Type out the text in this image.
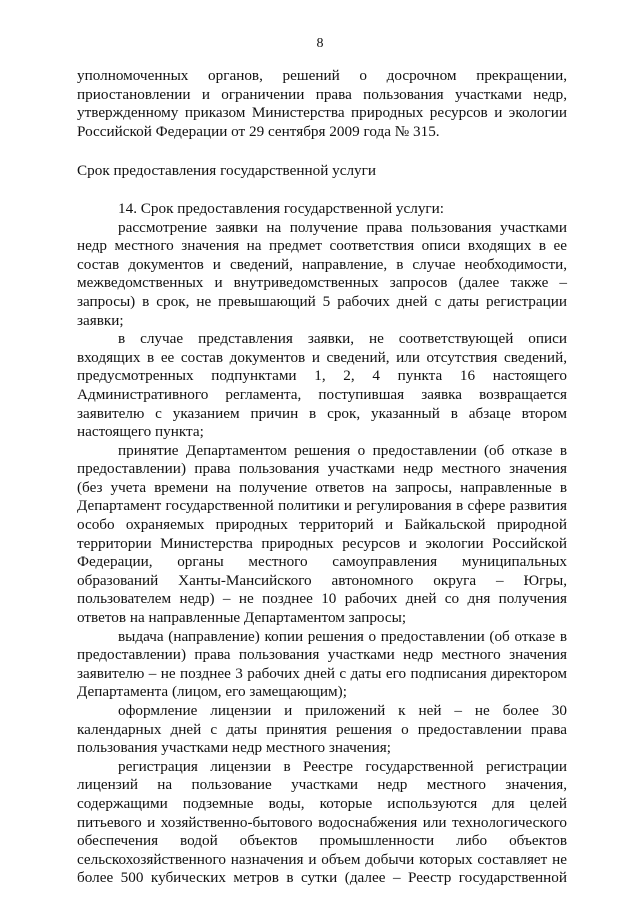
8

уполномоченных органов, решений о досрочном прекращении, приостановлении и ограничении права пользования участками недр, утвержденному приказом Министерства природных ресурсов и экологии Российской Федерации от 29 сентября 2009 года № 315.

Срок предоставления государственной услуги

14. Срок предоставления государственной услуги:

рассмотрение заявки на получение права пользования участками недр местного значения на предмет соответствия описи входящих в ее состав документов и сведений, направление, в случае необходимости, межведомственных и внутриведомственных запросов (далее также – запросы) в срок, не превышающий 5 рабочих дней с даты регистрации заявки;

в случае представления заявки, не соответствующей описи входящих в ее состав документов и сведений, или отсутствия сведений, предусмотренных подпунктами 1, 2, 4 пункта 16 настоящего Административного регламента, поступившая заявка возвращается заявителю с указанием причин в срок, указанный в абзаце втором настоящего пункта;

принятие Департаментом решения о предоставлении (об отказе в предоставлении) права пользования участками недр местного значения (без учета времени на получение ответов на запросы, направленные в Департамент государственной политики и регулирования в сфере развития особо охраняемых природных территорий и Байкальской природной территории Министерства природных ресурсов и экологии Российской Федерации, органы местного самоуправления муниципальных образований Ханты-Мансийского автономного округа – Югры, пользователем недр) – не позднее 10 рабочих дней со дня получения ответов на направленные Департаментом запросы;

выдача (направление) копии решения о предоставлении (об отказе в предоставлении) права пользования участками недр местного значения заявителю – не позднее 3 рабочих дней с даты его подписания директором Департамента (лицом, его замещающим);

оформление лицензии и приложений к ней – не более 30 календарных дней с даты принятия решения о предоставлении права пользования участками недр местного значения;

регистрация лицензии в Реестре государственной регистрации лицензий на пользование участками недр местного значения, содержащими подземные воды, которые используются для целей питьевого и хозяйственно-бытового водоснабжения или технологического обеспечения водой объектов промышленности либо объектов сельскохозяйственного назначения и объем добычи которых составляет не более 500 кубических метров в сутки (далее – Реестр государственной
